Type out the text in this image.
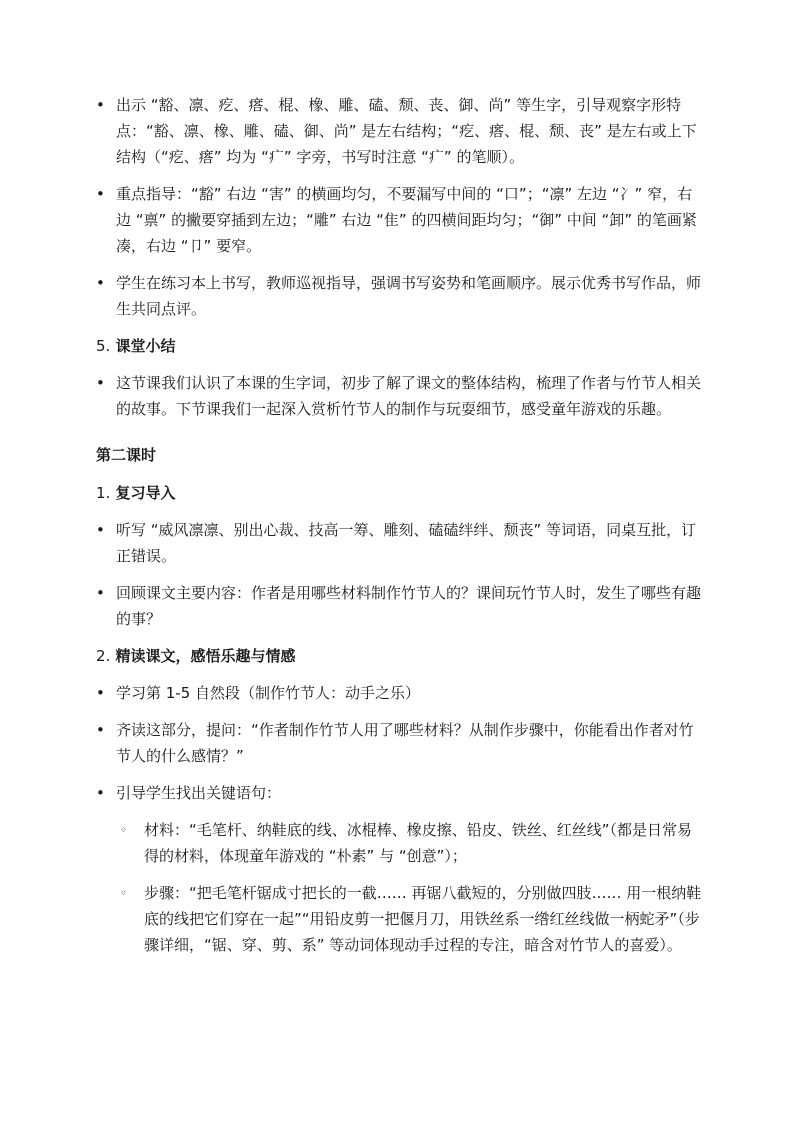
• 出示 “豁、凛、疙、瘩、棍、橡、雕、磕、颓、丧、御、尚” 等生字，引导观察字形特点：“豁、凛、橡、雕、磕、御、尚” 是左右结构；“疙、瘩、棍、颓、丧” 是左右或上下结构（“疙、瘩” 均为 “疒” 字旁，书写时注意 “疒” 的笔顺）。
• 重点指导：“豁” 右边 “害” 的横画均匀，不要漏写中间的 “口”；“凛” 左边 “冫” 窄，右边 “禀” 的撇要穿插到左边；“雕” 右边 “隹” 的四横间距均匀；“御” 中间 “卸” 的笔画紧凑，右边 “卩” 要窄。
• 学生在练习本上书写，教师巡视指导，强调书写姿势和笔画顺序。展示优秀书写作品，师生共同点评。
5. 课堂小结
• 这节课我们认识了本课的生字词，初步了解了课文的整体结构，梳理了作者与竹节人相关的故事。下节课我们一起深入赏析竹节人的制作与玩耍细节，感受童年游戏的乐趣。
第二课时
1. 复习导入
• 听写 “威风凛凛、别出心裁、技高一筹、雕刻、磕磕绊绊、颓丧” 等词语，同桌互批，订正错误。
• 回顾课文主要内容：作者是用哪些材料制作竹节人的？课间玩竹节人时，发生了哪些有趣的事？
2. 精读课文，感悟乐趣与情感
• 学习第 1-5 自然段（制作竹节人：动手之乐）
• 齐读这部分，提问：“作者制作竹节人用了哪些材料？从制作步骤中，你能看出作者对竹节人的什么感情？”
• 引导学生找出关键语句：
◦	材料：“毛笔杆、纳鞋底的线、冰棍棒、橡皮擦、铅皮、铁丝、红丝线”（都是日常易得的材料，体现童年游戏的 “朴素” 与 “创意”）；
◦	步骤：“把毛笔杆锯成寸把长的一截…… 再锯八截短的，分别做四肢…… 用一根纳鞋底的线把它们穿在一起”“用铅皮剪一把偃月刀，用铁丝系一绺红丝线做一柄蛇矛”（步骤详细，“锯、穿、剪、系” 等动词体现动手过程的专注，暗含对竹节人的喜爱）。
